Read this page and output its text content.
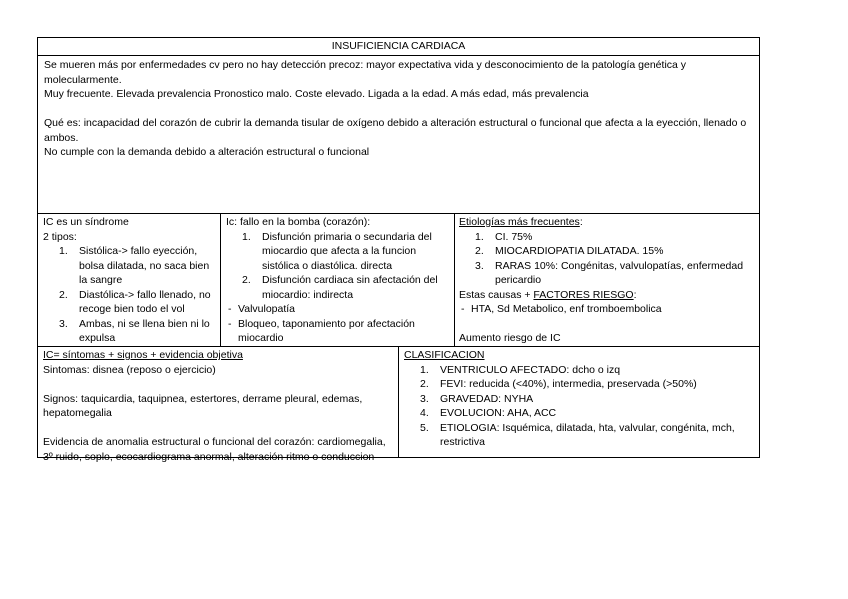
INSUFICIENCIA CARDIACA

Se mueren más por enfermedades cv pero no hay detección precoz: mayor expectativa vida y desconocimiento de la patología genética y molecularmente.

Muy frecuente. Elevada prevalencia Pronostico malo. Coste elevado. Ligada a la edad. A más edad, más prevalencia

Qué es: incapacidad del corazón de cubrir la demanda tisular de oxígeno debido a alteración estructural o funcional que afecta a la eyección, llenado o ambos.

No cumple con la demanda debido a alteración estructural o funcional

IC es un síndrome

2 tipos:

1. Sistólica-> fallo eyección, bolsa dilatada, no saca bien la sangre
2. Diastólica-> fallo llenado, no recoge bien todo el vol
3. Ambas, ni se llena bien ni lo expulsa

Ic: fallo en la bomba (corazón):

1. Disfunción primaria o secundaria del miocardio que afecta a la funcion sistólica o diastólica. directa
2. Disfunción cardiaca sin afectación del miocardio: indirecta
- Valvulopatía
- Bloqueo, taponamiento por afectación miocardio

Etiologías más frecuentes:

1. CI. 75%
2. MIOCARDIOPATIA DILATADA. 15%
3. RARAS 10%: Congénitas, valvulopatías, enfermedad pericardio

Estas causas + FACTORES RIESGO:

- HTA, Sd Metabolico, enf tromboembolica

Aumento riesgo de IC

IC= síntomas + signos + evidencia objetiva

Sintomas: disnea (reposo o ejercicio)

Signos: taquicardia, taquipnea, estertores, derrame pleural, edemas, hepatomegalia

Evidencia de anomalia estructural o funcional del corazón: cardiomegalia, 3º ruido, soplo, ecocardiograma anormal, alteración ritmo o conduccion

CLASIFICACION

1. VENTRICULO AFECTADO: dcho o izq
2. FEVI: reducida (<40%), intermedia, preservada (>50%)
3. GRAVEDAD: NYHA
4. EVOLUCION: AHA, ACC
5. ETIOLOGIA: Isquémica, dilatada, hta, valvular, congénita, mch, restrictiva
